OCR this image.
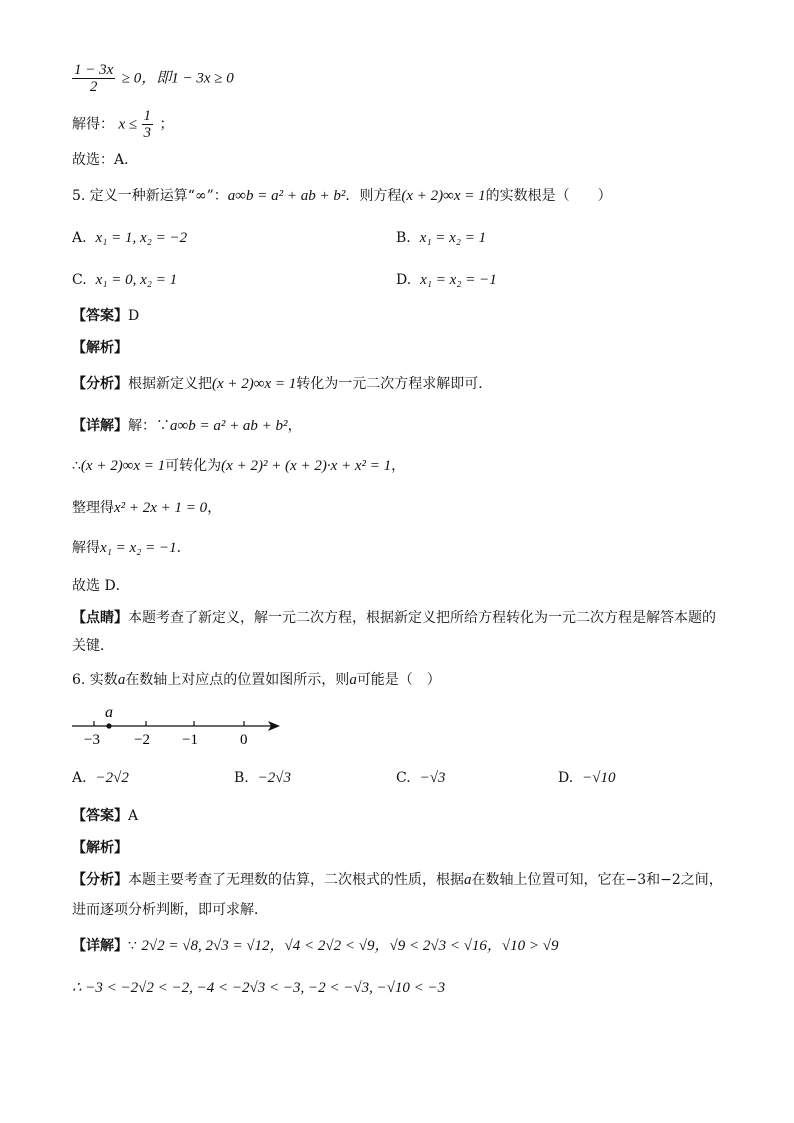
$\frac{1 - 3x}{2} \ge 0$，即1 − 3x ≥ 0
解得： $x \le \frac{1}{3}$ ；
故选：A．
5. 定义一种新运算“∞”：a∞b = a² + ab + b²．则方程(x + 2)∞x = 1的实数根是（　　）
A. x₁ = 1, x₂ = −2	B. x₁ = x₂ = 1
C. x₁ = 0, x₂ = 1	D. x₁ = x₂ = −1
【答案】D
【解析】
【分析】根据新定义把(x + 2)∞x = 1转化为一元二次方程求解即可．
【详解】解：∵a∞b = a² + ab + b²，
∴(x + 2)∞x = 1可转化为(x + 2)² + (x + 2)·x + x² = 1，
整理得x² + 2x + 1 = 0，
解得x₁ = x₂ = −1．
故选 D．
【点睛】本题考查了新定义，解一元二次方程，根据新定义把所给方程转化为一元二次方程是解答本题的
关键．
6. 实数a在数轴上对应点的位置如图所示，则a可能是（　）
a
−3 −2 −1	0
A. −2√2	B. −2√3	C. −√3	D. −√10
【答案】A
【解析】
【分析】本题主要考查了无理数的估算，二次根式的性质，根据a在数轴上位置可知，它在−3和−2之间，
进而逐项分析判断，即可求解．
【详解】∵ 2√2 = √8, 2√3 = √12，√4 < 2√2 < √9，√9 < 2√3 < √16，√10 > √9
∴ −3 < −2√2 < −2, −4 < −2√3 < −3, −2 < −√3, −√10 < −3
